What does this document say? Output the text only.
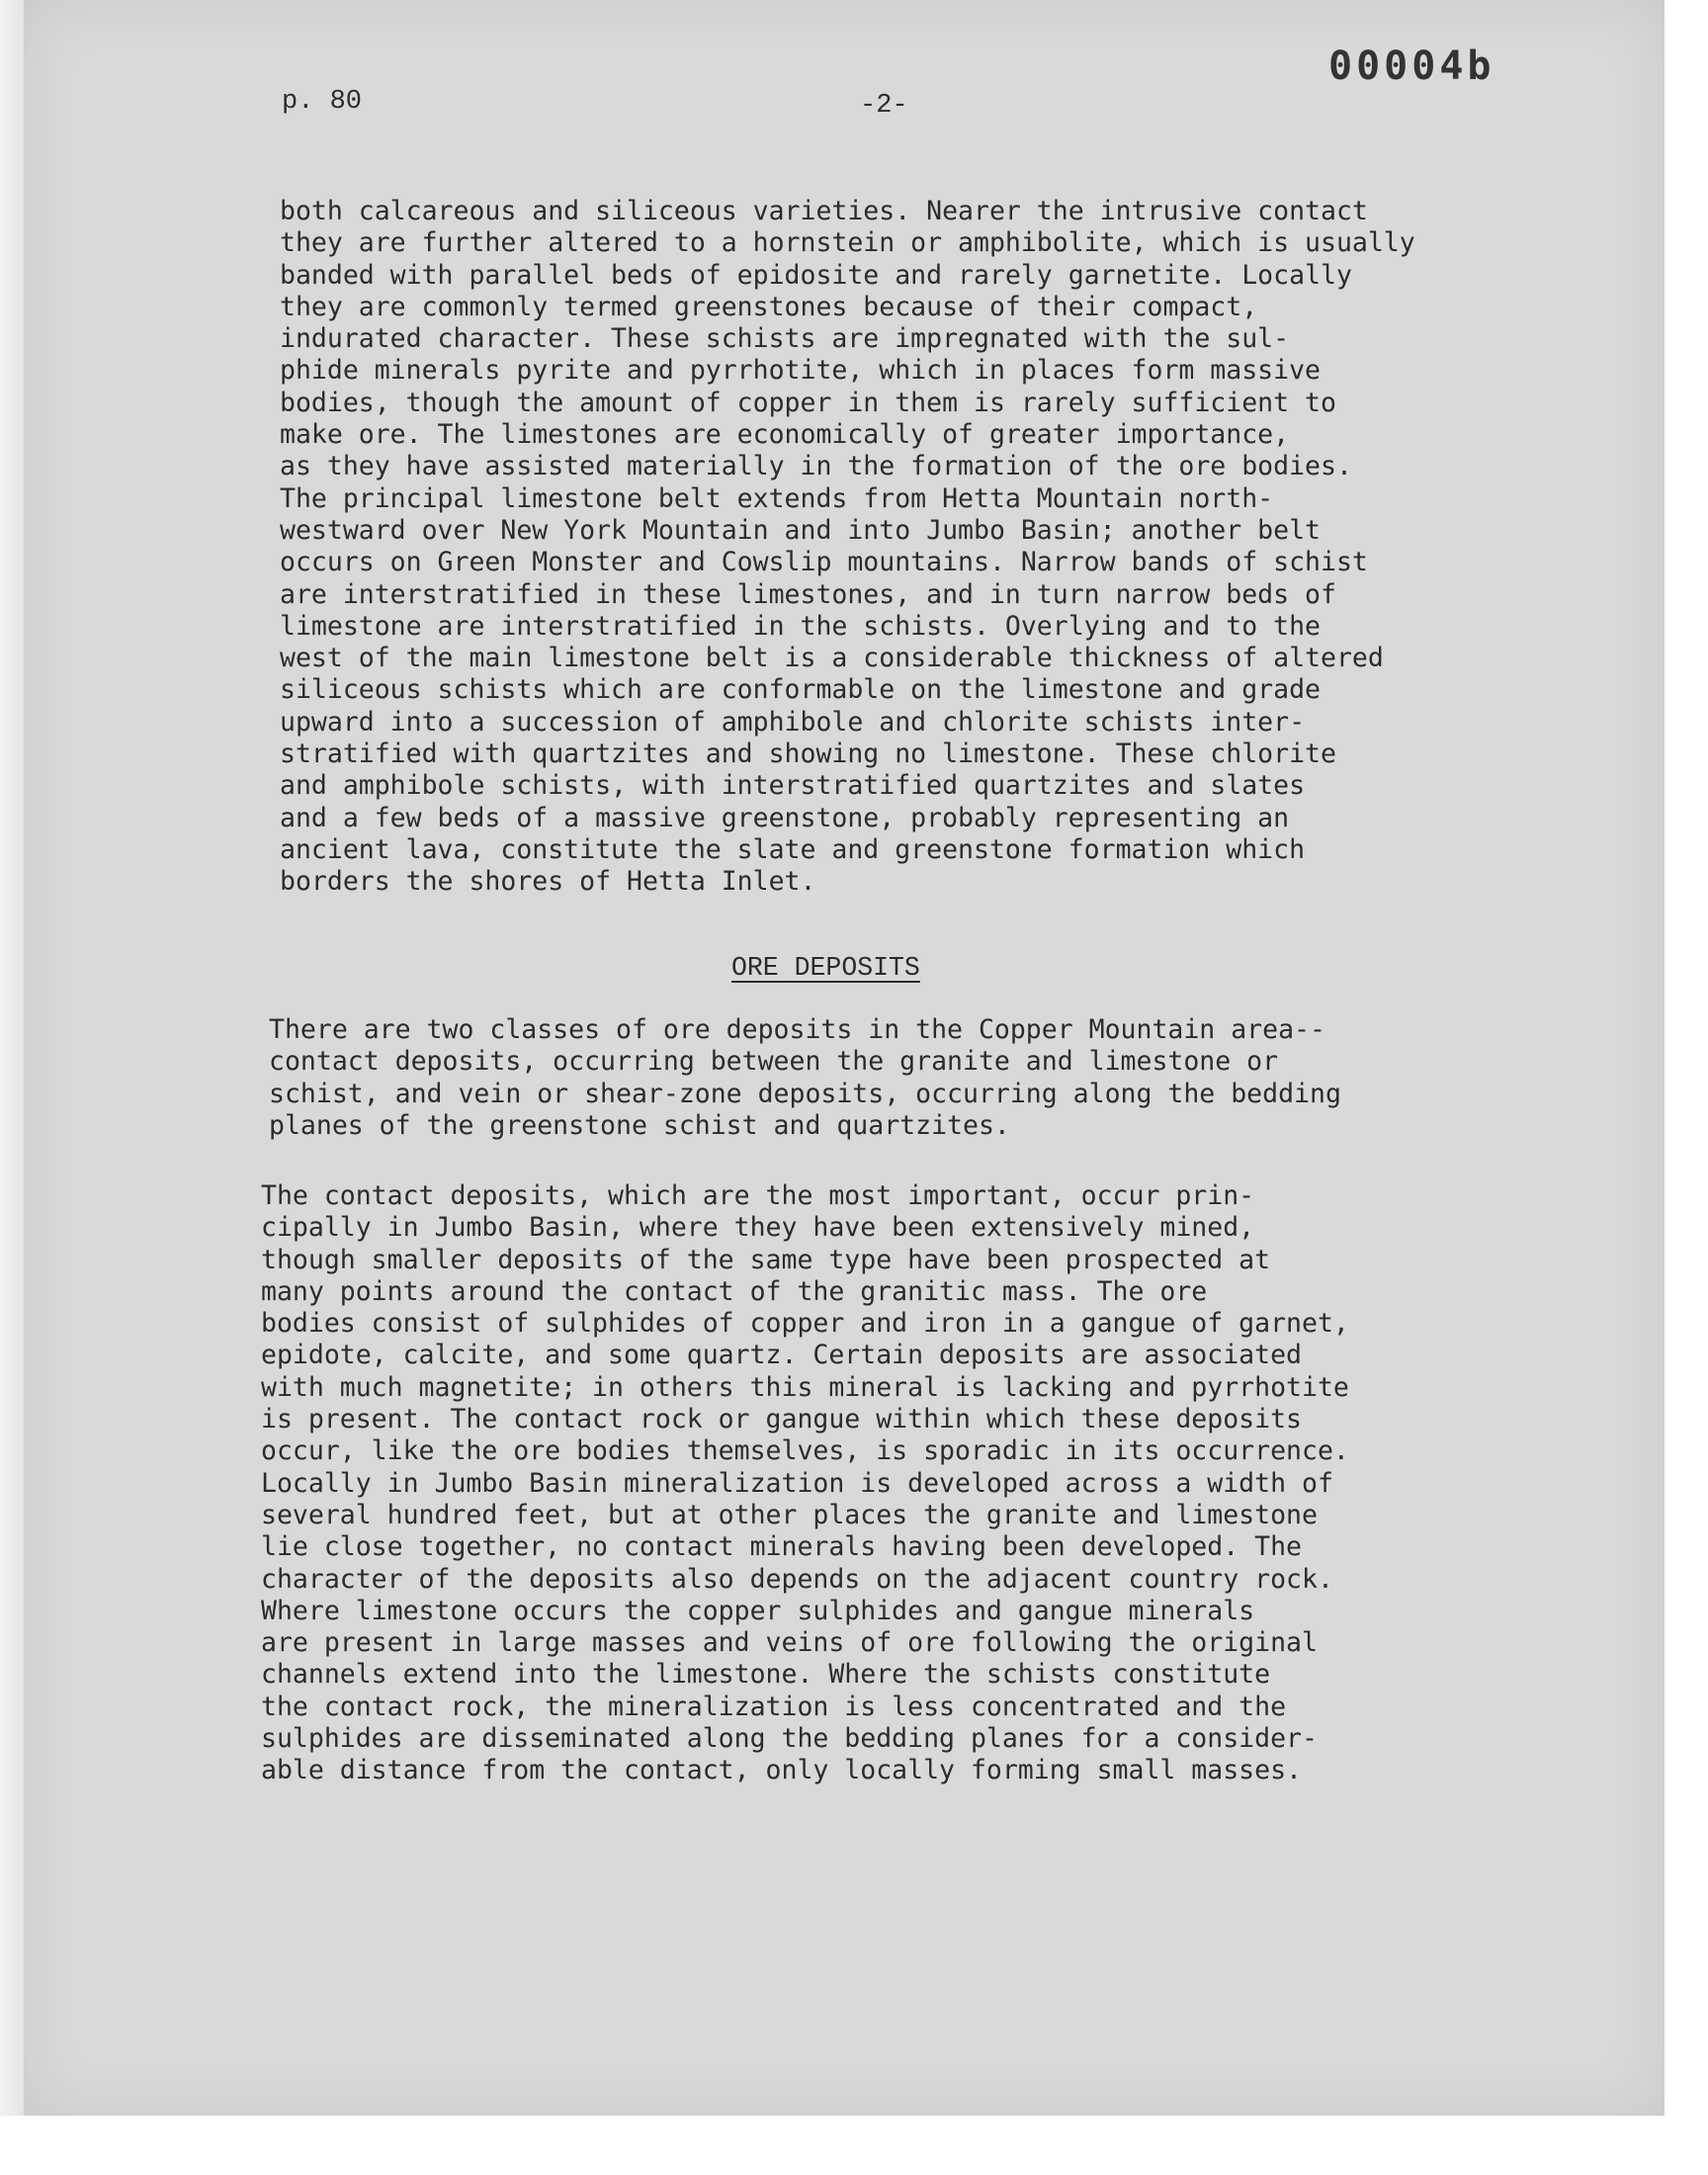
p. 80	-2-
00004b
both calcareous and siliceous varieties. Nearer the intrusive contact
they are further altered to a hornstein or amphibolite, which is usually
banded with parallel beds of epidosite and rarely garnetite. Locally
they are commonly termed greenstones because of their compact,
indurated character. These schists are impregnated with the sul-
phide minerals pyrite and pyrrhotite, which in places form massive
bodies, though the amount of copper in them is rarely sufficient to
make ore. The limestones are economically of greater importance,
as they have assisted materially in the formation of the ore bodies.
The principal limestone belt extends from Hetta Mountain north-
westward over New York Mountain and into Jumbo Basin; another belt
occurs on Green Monster and Cowslip mountains. Narrow bands of schist
are interstratified in these limestones, and in turn narrow beds of
limestone are interstratified in the schists. Overlying and to the
west of the main limestone belt is a considerable thickness of altered
siliceous schists which are conformable on the limestone and grade
upward into a succession of amphibole and chlorite schists inter-
stratified with quartzites and showing no limestone. These chlorite
and amphibole schists, with interstratified quartzites and slates
and a few beds of a massive greenstone, probably representing an
ancient lava, constitute the slate and greenstone formation which
borders the shores of Hetta Inlet.
ORE DEPOSITS
There are two classes of ore deposits in the Copper Mountain area--
contact deposits, occurring between the granite and limestone or
schist, and vein or shear-zone deposits, occurring along the bedding
planes of the greenstone schist and quartzites.
The contact deposits, which are the most important, occur prin-
cipally in Jumbo Basin, where they have been extensively mined,
though smaller deposits of the same type have been prospected at
many points around the contact of the granitic mass. The ore
bodies consist of sulphides of copper and iron in a gangue of garnet,
epidote, calcite, and some quartz. Certain deposits are associated
with much magnetite; in others this mineral is lacking and pyrrhotite
is present. The contact rock or gangue within which these deposits
occur, like the ore bodies themselves, is sporadic in its occurrence.
Locally in Jumbo Basin mineralization is developed across a width of
several hundred feet, but at other places the granite and limestone
lie close together, no contact minerals having been developed. The
character of the deposits also depends on the adjacent country rock.
Where limestone occurs the copper sulphides and gangue minerals
are present in large masses and veins of ore following the original
channels extend into the limestone. Where the schists constitute
the contact rock, the mineralization is less concentrated and the
sulphides are disseminated along the bedding planes for a consider-
able distance from the contact, only locally forming small masses.
